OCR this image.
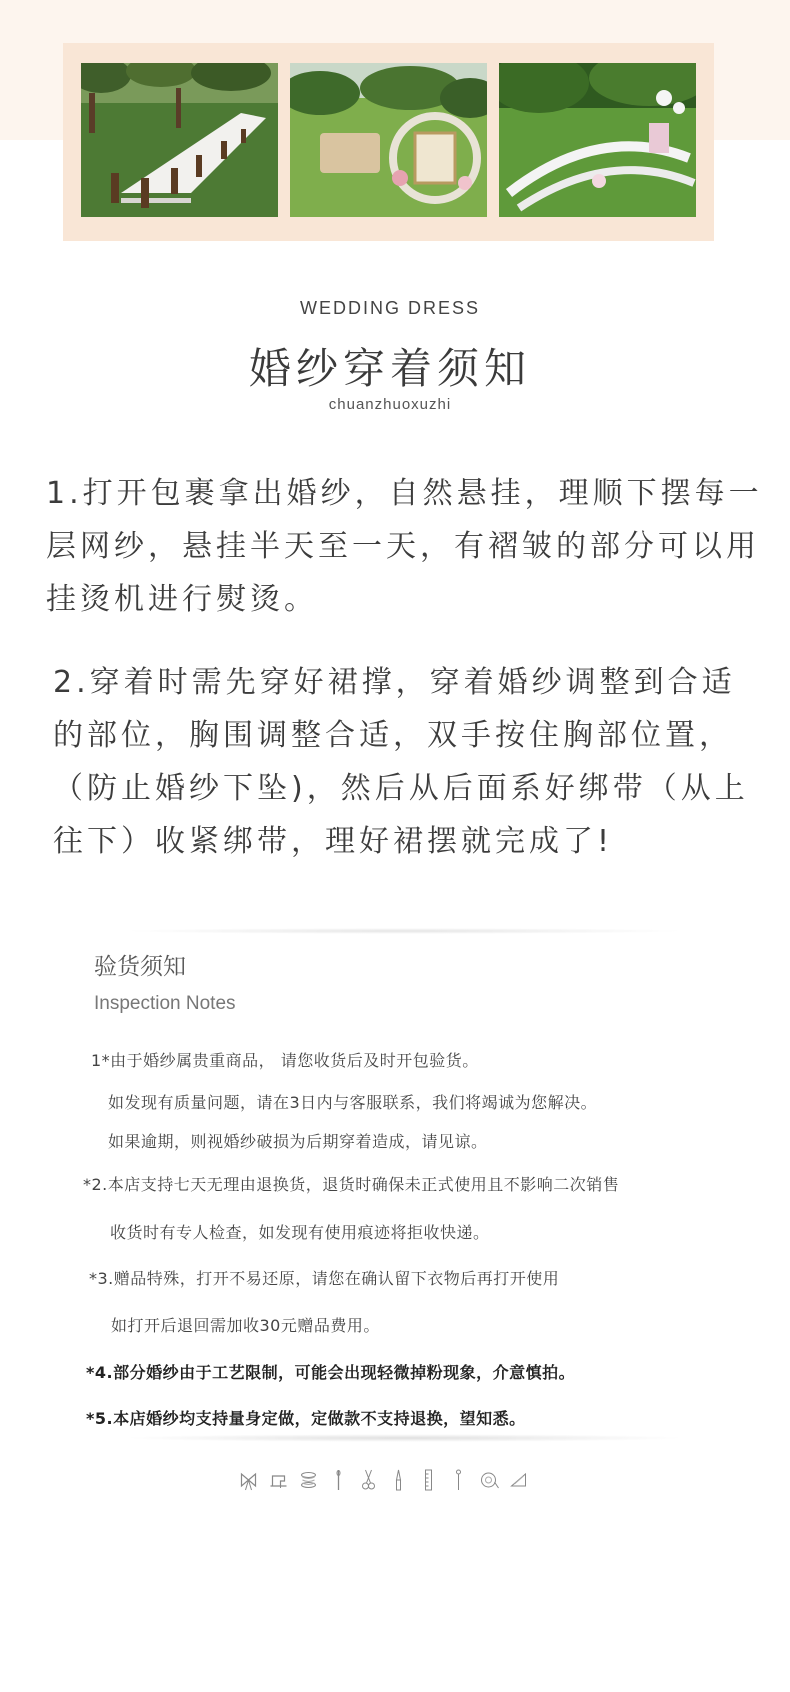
WEDDING DRESS
婚纱穿着须知
chuanzhuoxuzhi
1.打开包裹拿出婚纱，自然悬挂，理顺下摆每一层网纱，悬挂半天至一天，有褶皱的部分可以用挂烫机进行熨烫。
2.穿着时需先穿好裙撑，穿着婚纱调整到合适的部位，胸围调整合适，双手按住胸部位置，（防止婚纱下坠)，然后从后面系好绑带（从上往下）收紧绑带，理好裙摆就完成了!
验货须知
Inspection Notes
1*由于婚纱属贵重商品， 请您收货后及时开包验货。
如发现有质量问题，请在3日内与客服联系，我们将竭诚为您解决。
如果逾期，则视婚纱破损为后期穿着造成，请见谅。
*2.本店支持七天无理由退换货，退货时确保未正式使用且不影响二次销售
收货时有专人检查，如发现有使用痕迹将拒收快递。
*3.赠品特殊，打开不易还原，请您在确认留下衣物后再打开使用
如打开后退回需加收30元赠品费用。
*4.部分婚纱由于工艺限制，可能会出现轻微掉粉现象，介意慎拍。
*5.本店婚纱均支持量身定做，定做款不支持退换，望知悉。
